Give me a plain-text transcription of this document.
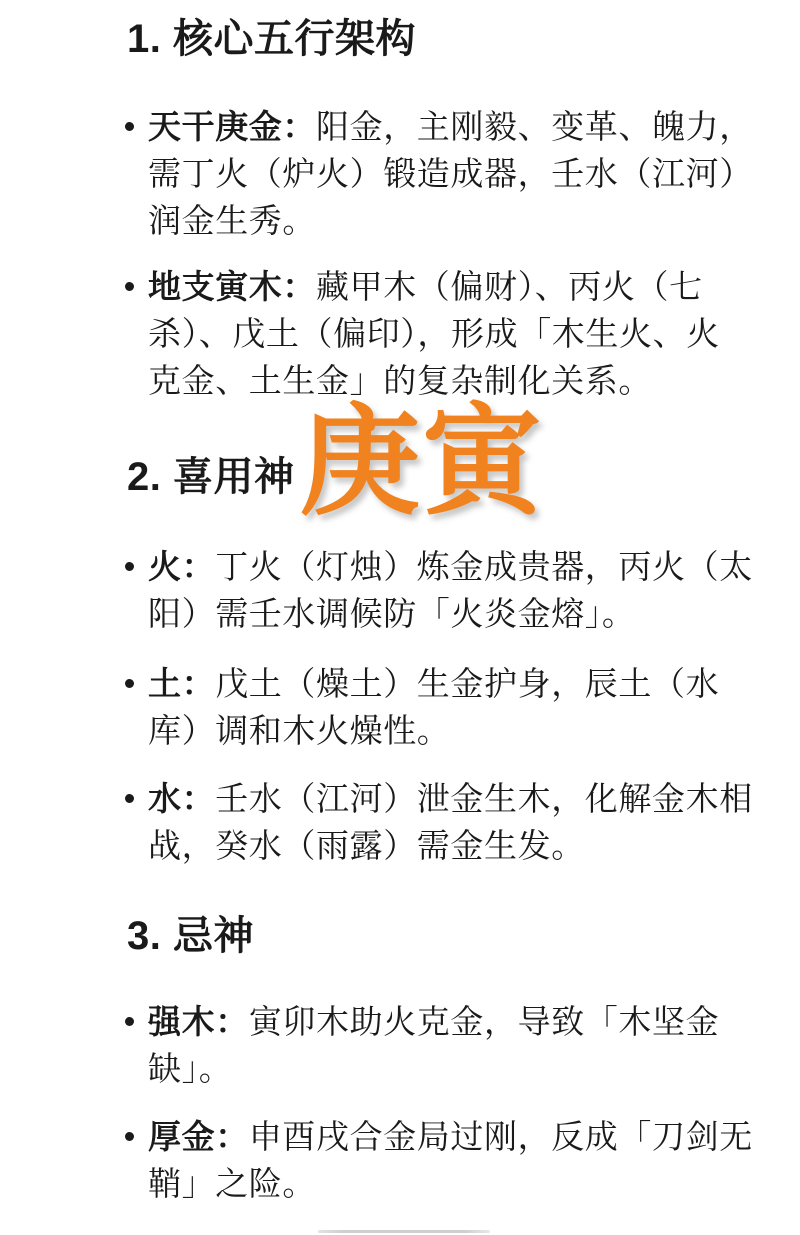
1. 核心五行架构
天干庚金：阳金，主刚毅、变革、魄力，
需丁火（炉火）锻造成器，壬水（江河）
润金生秀。
地支寅木：藏甲木（偏财）、丙火（七
杀）、戊土（偏印），形成「木生火、火
克金、土生金」的复杂制化关系。
庚寅
2. 喜用神
火：丁火（灯烛）炼金成贵器，丙火（太
阳）需壬水调候防「火炎金熔」。
土：戊土（燥土）生金护身，辰土（水
库）调和木火燥性。
水：壬水（江河）泄金生木，化解金木相
战，癸水（雨露）需金生发。
3. 忌神
强木：寅卯木助火克金，导致「木坚金
缺」。
厚金：申酉戌合金局过刚，反成「刀剑无
鞘」之险。
